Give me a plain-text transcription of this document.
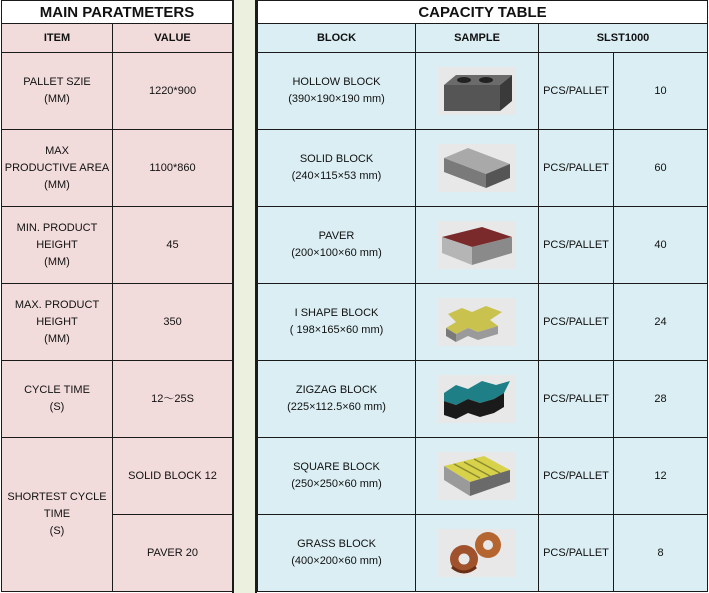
MAIN PARATMETERS	
ITEM	VALUE
PALLET SZIE
(MM)	1220*900
MAX
PRODUCTIVE AREA
(MM)	1100*860
MIN. PRODUCT
HEIGHT
(MM)	45
MAX. PRODUCT
HEIGHT
(MM)	350
CYCLE TIME
(S)	12～25S
SHORTEST CYCLE
TIME
(S)	SOLID BLOCK 12
	PAVER 20
CAPACITY TABLE			
BLOCK	SAMPLE	SLST1000	
HOLLOW BLOCK
(390×190×190 mm)		PCS/PALLET	10
SOLID BLOCK
(240×115×53 mm)		PCS/PALLET	60
PAVER
(200×100×60 mm)		PCS/PALLET	40
I SHAPE BLOCK
( 198×165×60 mm)		PCS/PALLET	24
ZIGZAG BLOCK
(225×112.5×60 mm)		PCS/PALLET	28
SQUARE BLOCK
(250×250×60 mm)		PCS/PALLET	12
GRASS BLOCK
(400×200×60 mm)		PCS/PALLET	8
